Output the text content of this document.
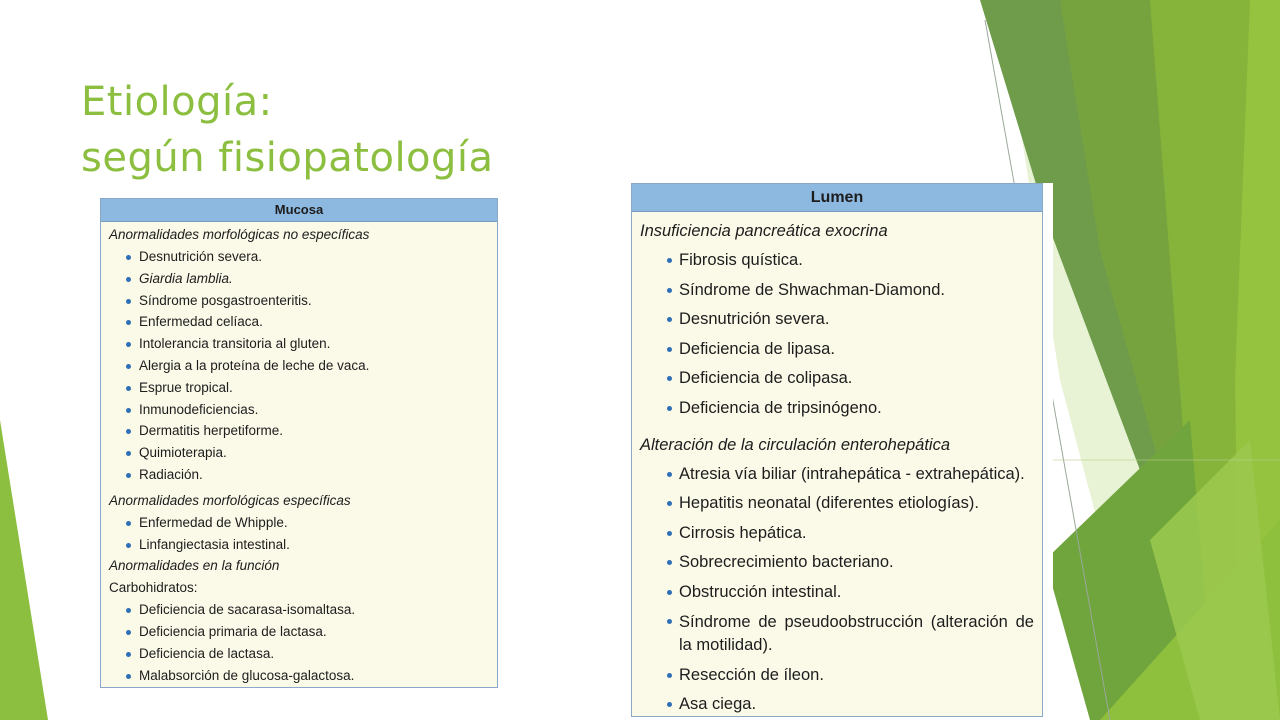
Etiología:
según fisiopatología
Mucosa
Anormalidades morfológicas no específicas
Desnutrición severa.
Giardia lamblia.
Síndrome posgastroenteritis.
Enfermedad celíaca.
Intolerancia transitoria al gluten.
Alergia a la proteína de leche de vaca.
Esprue tropical.
Inmunodeficiencias.
Dermatitis herpetiforme.
Quimioterapia.
Radiación.
Anormalidades morfológicas específicas
Enfermedad de Whipple.
Linfangiectasia intestinal.
Anormalidades en la función
Carbohidratos:
Deficiencia de sacarasa-isomaltasa.
Deficiencia primaria de lactasa.
Deficiencia de lactasa.
Malabsorción de glucosa-galactosa.
Lumen
Insuficiencia pancreática exocrina
Fibrosis quística.
Síndrome de Shwachman-Diamond.
Desnutrición severa.
Deficiencia de lipasa.
Deficiencia de colipasa.
Deficiencia de tripsinógeno.
Alteración de la circulación enterohepática
Atresia vía biliar (intrahepática - extrahepática).
Hepatitis neonatal (diferentes etiologías).
Cirrosis hepática.
Sobrecrecimiento bacteriano.
Obstrucción intestinal.
Síndrome de pseudoobstrucción (alteración de la motilidad).
Resección de íleon.
Asa ciega.
